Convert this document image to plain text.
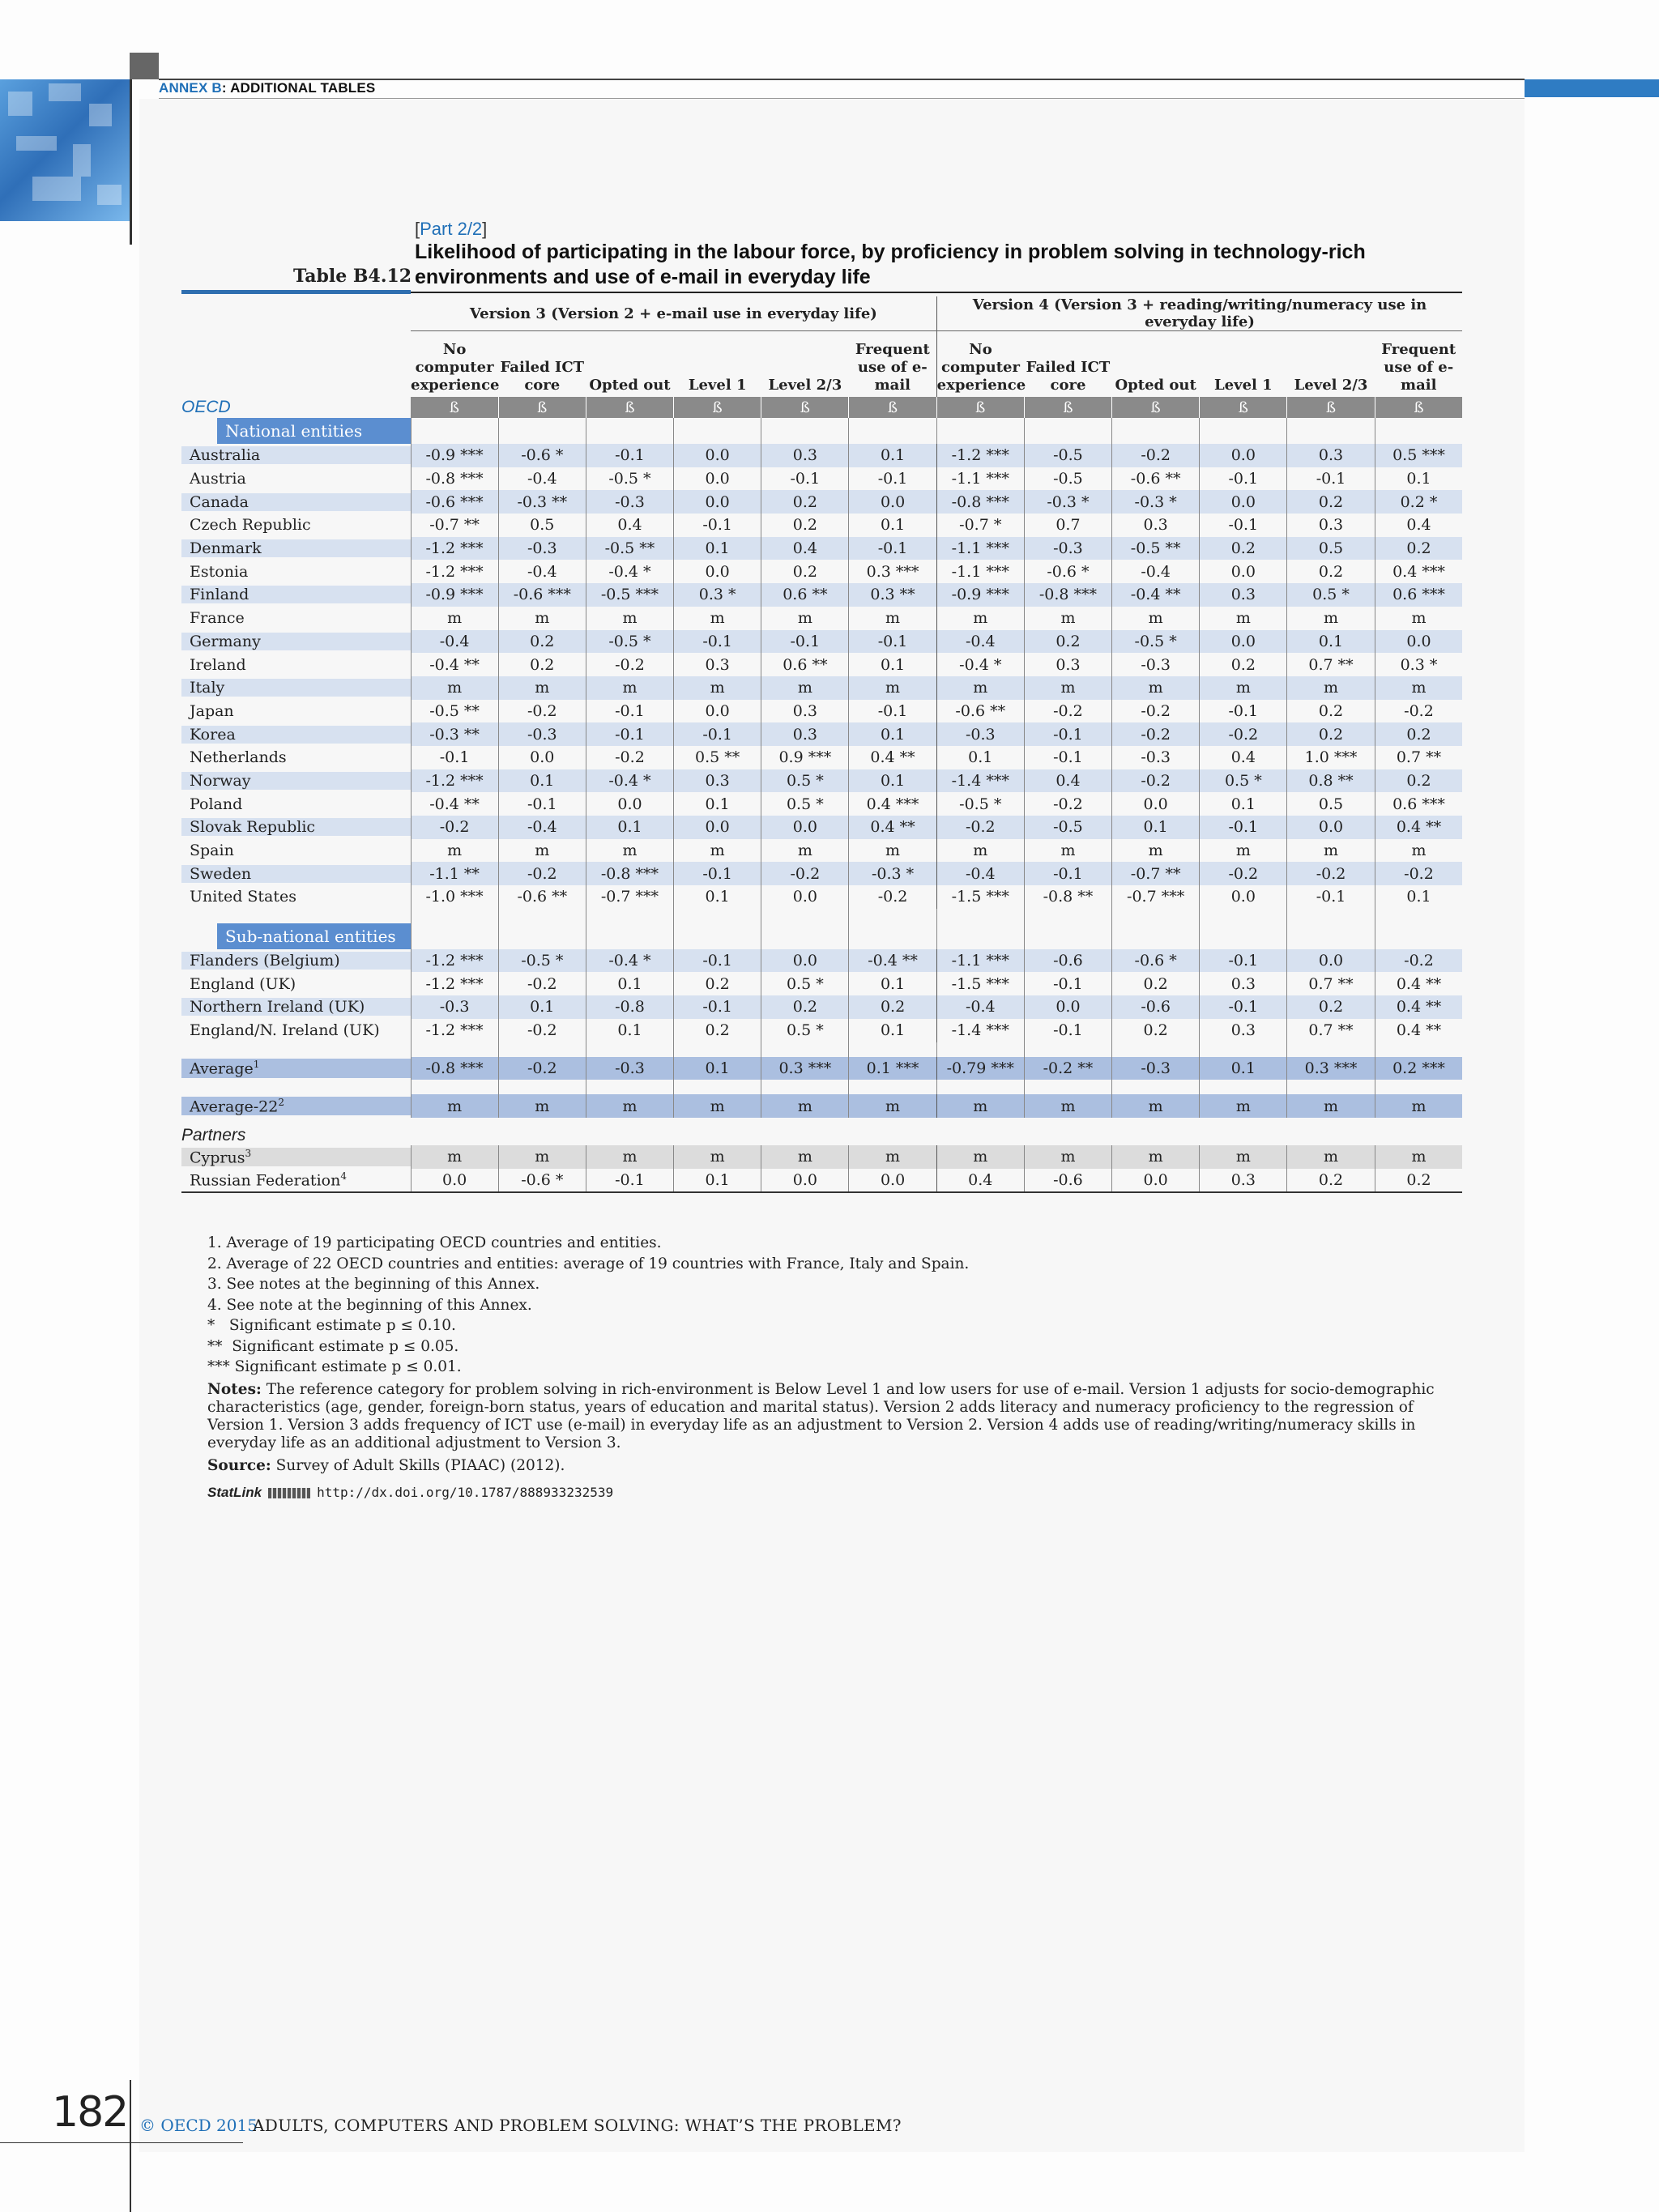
ANNEX B: ADDITIONAL TABLES
[Part 2/2]
Likelihood of participating in the labour force, by proficiency in problem solving in technology-rich environments and use of e-mail in everyday life
Table B4.12
	Version 3 (Version 2 + e-mail use in everyday life)						Version 4 (Version 3 + reading/writing/numeracy use in everyday life)					
	No computer experience	Failed ICT core	Opted out	Level 1	Level 2/3	Frequent use of e-mail	No computer experience	Failed ICT core	Opted out	Level 1	Level 2/3	Frequent use of e-mail
OECD	ß	ß	ß	ß	ß	ß	ß	ß	ß	ß	ß	ß

National entities												

Australia	-0.9 ***	-0.6 *	-0.1	0.0	0.3	0.1	-1.2 ***	-0.5	-0.2	0.0	0.3	0.5 ***

Austria	-0.8 ***	-0.4	-0.5 *	0.0	-0.1	-0.1	-1.1 ***	-0.5	-0.6 **	-0.1	-0.1	0.1

Canada	-0.6 ***	-0.3 **	-0.3	0.0	0.2	0.0	-0.8 ***	-0.3 *	-0.3 *	0.0	0.2	0.2 *

Czech Republic	-0.7 **	0.5	0.4	-0.1	0.2	0.1	-0.7 *	0.7	0.3	-0.1	0.3	0.4

Denmark	-1.2 ***	-0.3	-0.5 **	0.1	0.4	-0.1	-1.1 ***	-0.3	-0.5 **	0.2	0.5	0.2

Estonia	-1.2 ***	-0.4	-0.4 *	0.0	0.2	0.3 ***	-1.1 ***	-0.6 *	-0.4	0.0	0.2	0.4 ***

Finland	-0.9 ***	-0.6 ***	-0.5 ***	0.3 *	0.6 **	0.3 **	-0.9 ***	-0.8 ***	-0.4 **	0.3	0.5 *	0.6 ***

France	m	m	m	m	m	m	m	m	m	m	m	m

Germany	-0.4	0.2	-0.5 *	-0.1	-0.1	-0.1	-0.4	0.2	-0.5 *	0.0	0.1	0.0

Ireland	-0.4 **	0.2	-0.2	0.3	0.6 **	0.1	-0.4 *	0.3	-0.3	0.2	0.7 **	0.3 *

Italy	m	m	m	m	m	m	m	m	m	m	m	m

Japan	-0.5 **	-0.2	-0.1	0.0	0.3	-0.1	-0.6 **	-0.2	-0.2	-0.1	0.2	-0.2

Korea	-0.3 **	-0.3	-0.1	-0.1	0.3	0.1	-0.3	-0.1	-0.2	-0.2	0.2	0.2

Netherlands	-0.1	0.0	-0.2	0.5 **	0.9 ***	0.4 **	0.1	-0.1	-0.3	0.4	1.0 ***	0.7 **

Norway	-1.2 ***	0.1	-0.4 *	0.3	0.5 *	0.1	-1.4 ***	0.4	-0.2	0.5 *	0.8 **	0.2

Poland	-0.4 **	-0.1	0.0	0.1	0.5 *	0.4 ***	-0.5 *	-0.2	0.0	0.1	0.5	0.6 ***

Slovak Republic	-0.2	-0.4	0.1	0.0	0.0	0.4 **	-0.2	-0.5	0.1	-0.1	0.0	0.4 **

Spain	m	m	m	m	m	m	m	m	m	m	m	m

Sweden	-1.1 **	-0.2	-0.8 ***	-0.1	-0.2	-0.3 *	-0.4	-0.1	-0.7 **	-0.2	-0.2	-0.2

United States	-1.0 ***	-0.6 **	-0.7 ***	0.1	0.0	-0.2	-1.5 ***	-0.8 **	-0.7 ***	0.0	-0.1	0.1

Sub-national entities												

Flanders (Belgium)	-1.2 ***	-0.5 *	-0.4 *	-0.1	0.0	-0.4 **	-1.1 ***	-0.6	-0.6 *	-0.1	0.0	-0.2

England (UK)	-1.2 ***	-0.2	0.1	0.2	0.5 *	0.1	-1.5 ***	-0.1	0.2	0.3	0.7 **	0.4 **

Northern Ireland (UK)	-0.3	0.1	-0.8	-0.1	0.2	0.2	-0.4	0.0	-0.6	-0.1	0.2	0.4 **

England/N. Ireland (UK)	-1.2 ***	-0.2	0.1	0.2	0.5 *	0.1	-1.4 ***	-0.1	0.2	0.3	0.7 **	0.4 **

Average$^1$	-0.8 ***	-0.2	-0.3	0.1	0.3 ***	0.1 ***	-0.79 ***	-0.2 **	-0.3	0.1	0.3 ***	0.2 ***

Average-$22^2$	m	m	m	m	m	m	m	m	m	m	m	m
Partners												

Cyprus$^3$	m	m	m	m	m	m	m	m	m	m	m	m

Russian Federation$^4$	0.0	-0.6 *	-0.1	0.1	0.0	0.0	0.4	-0.6	0.0	0.3	0.2	0.2
1. Average of 19 participating OECD countries and entities.
2. Average of 22 OECD countries and entities: average of 19 countries with France, Italy and Spain.
3. See notes at the beginning of this Annex.
4. See note at the beginning of this Annex.
*   Significant estimate p ≤ 0.10.
**  Significant estimate p ≤ 0.05.
*** Significant estimate p ≤ 0.01.
Notes: The reference category for problem solving in rich-environment is Below Level 1 and low users for use of e-mail. Version 1 adjusts for socio-demographic characteristics (age, gender, foreign-born status, years of education and marital status). Version 2 adds literacy and numeracy proficiency to the regression of Version 1. Version 3 adds frequency of ICT use (e-mail) in everyday life as an adjustment to Version 2. Version 4 adds use of reading/writing/numeracy skills in everyday life as an additional adjustment to Version 3.
Source: Survey of Adult Skills (PIAAC) (2012).
StatLink	http://dx.doi.org/10.1787/888933232539
182 © OECD 2015
ADULTS, COMPUTERS AND PROBLEM SOLVING: WHAT’S THE PROBLEM?
